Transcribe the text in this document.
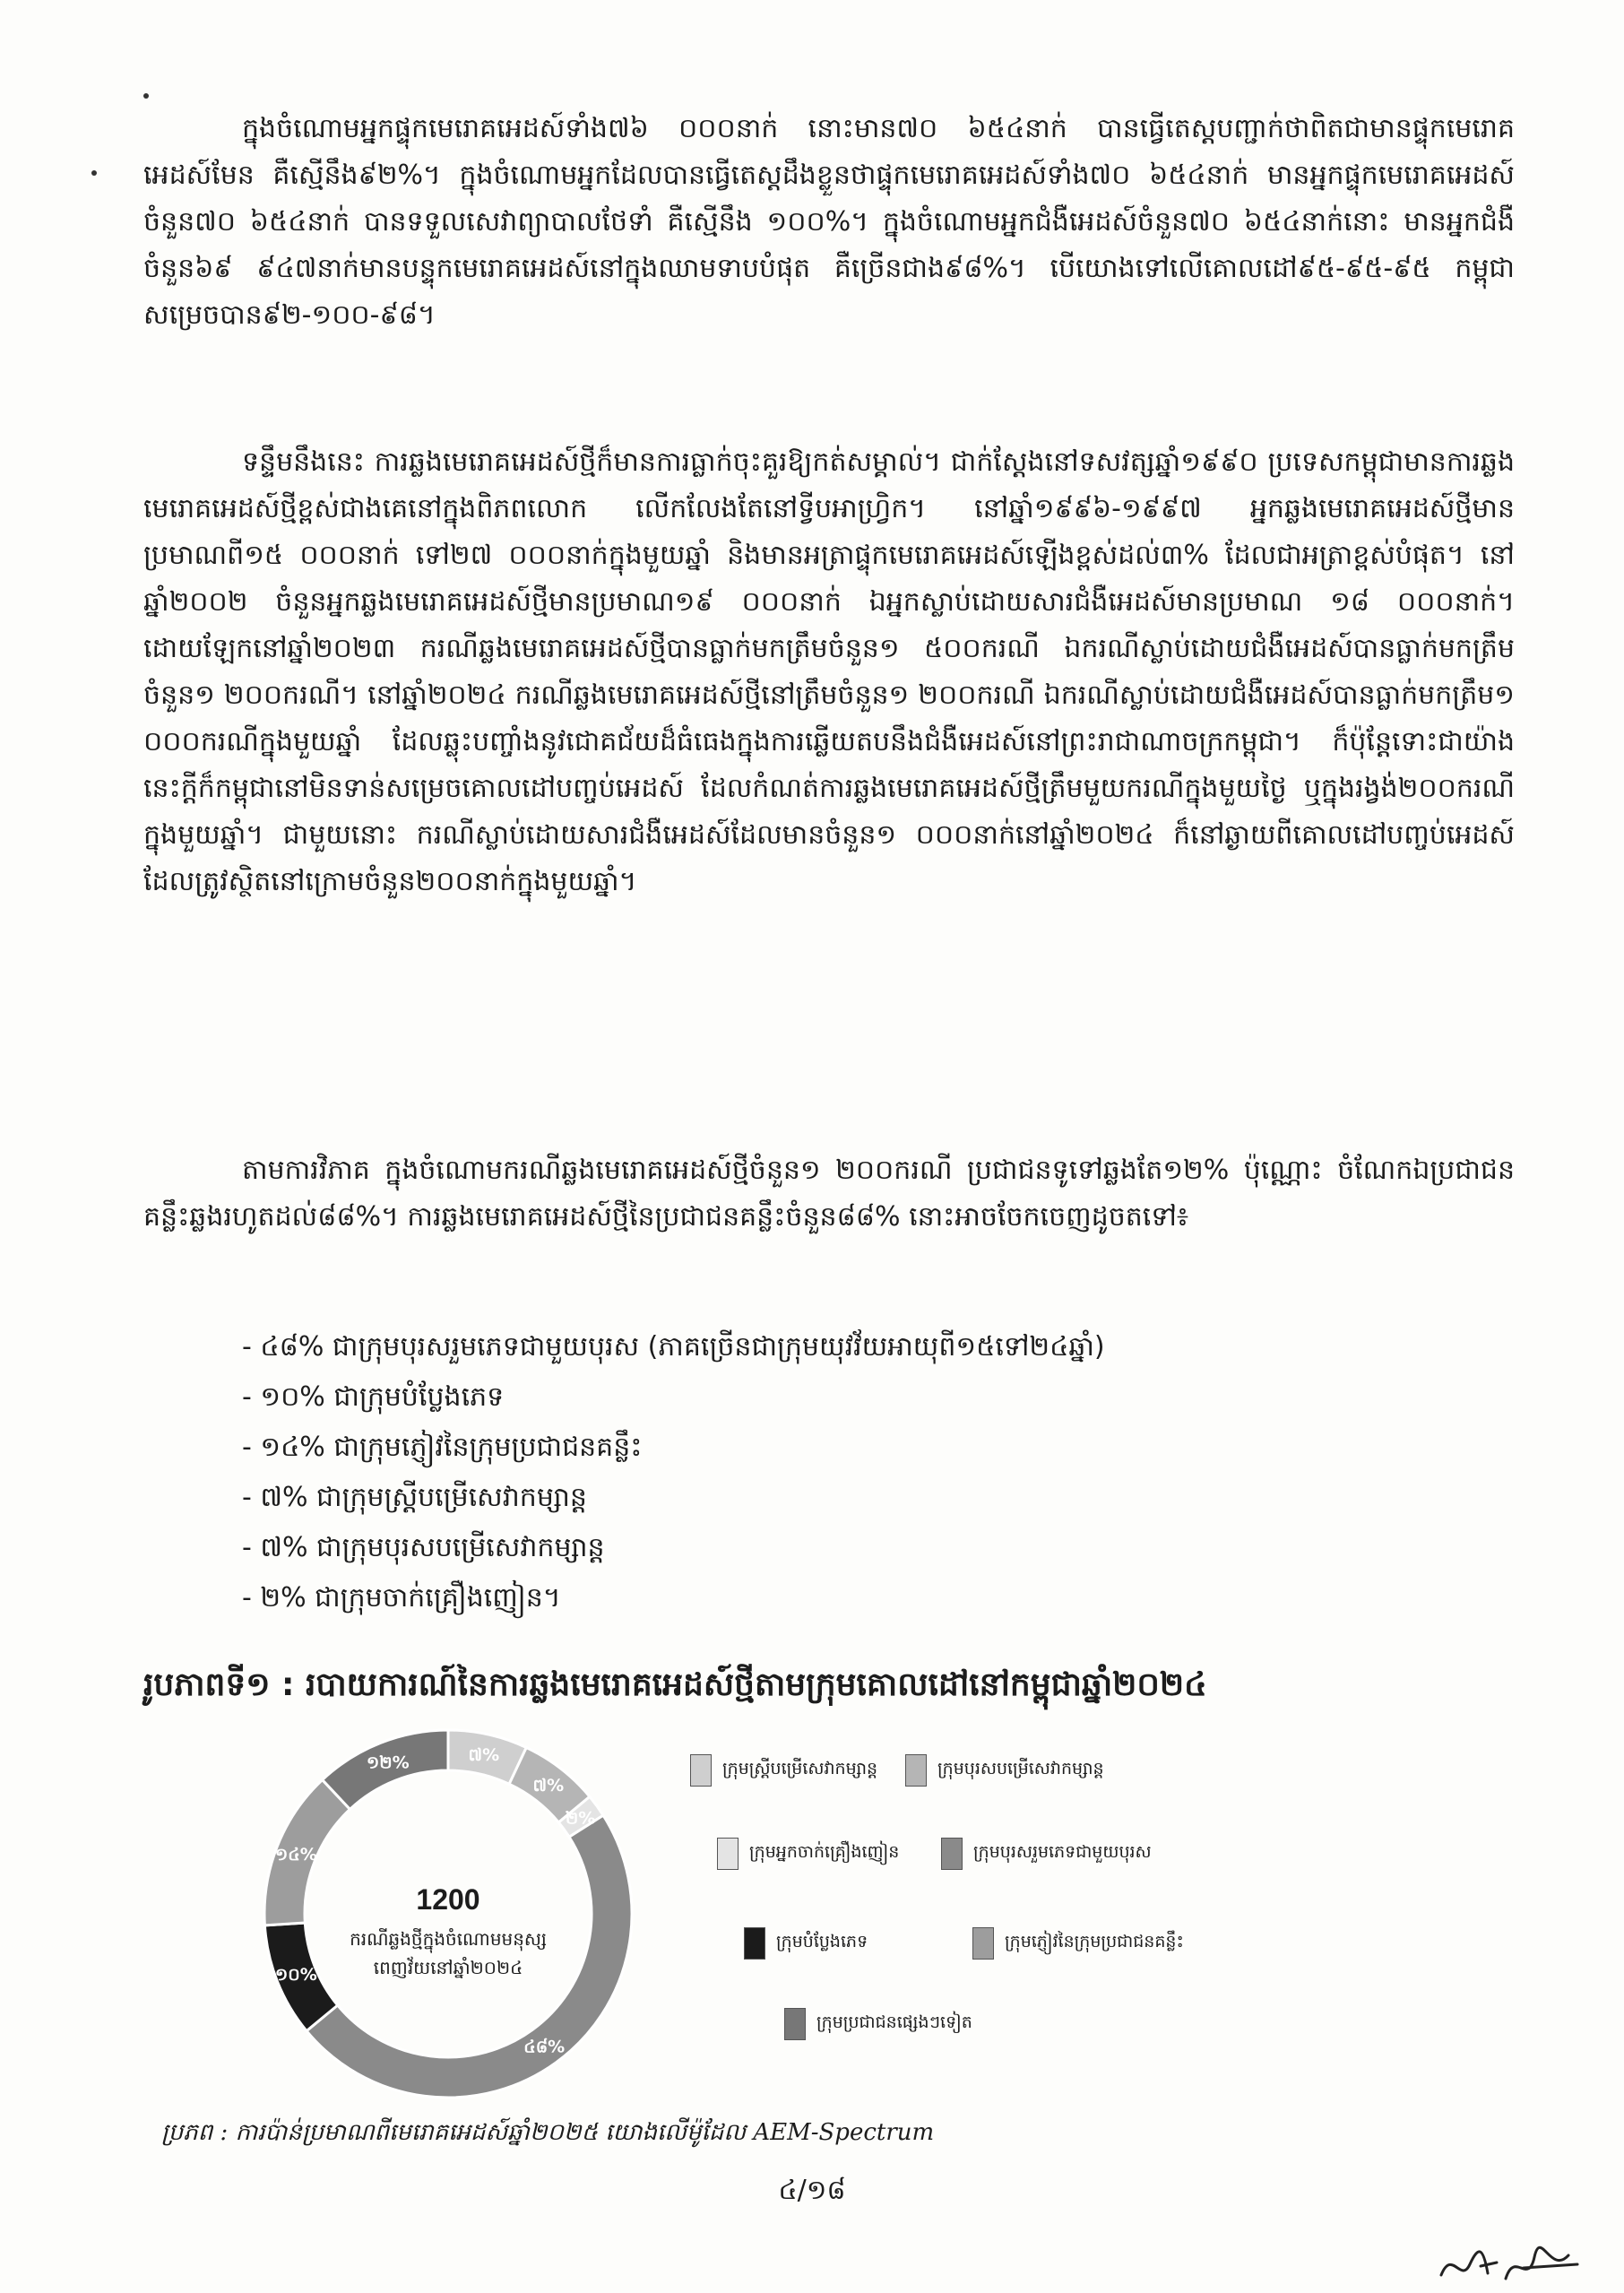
ក្នុងចំណោមអ្នកផ្ទុកមេរោគអេដស៍ទាំង៧៦ ០០០នាក់ នោះមាន៧០ ៦៥៤នាក់ បានធ្វើតេស្តបញ្ជាក់ថាពិតជាមានផ្ទុកមេរោគអេដស៍មែន គឺស្មើនឹង៩២%។ ក្នុងចំណោមអ្នកដែលបានធ្វើតេស្តដឹងខ្លួនថាផ្ទុកមេរោគអេដស៍ទាំង៧០ ៦៥៤នាក់ មានអ្នកផ្ទុកមេរោគអេដស៍ចំនួន៧០ ៦៥៤នាក់ បានទទួលសេវាព្យាបាលថែទាំ គឺស្មើនឹង ១០០%។ ក្នុងចំណោមអ្នកជំងឺអេដស៍ចំនួន៧០ ៦៥៤នាក់នោះ មានអ្នកជំងឺចំនួន៦៩ ៩៤៧នាក់មានបន្ទុកមេរោគអេដស៍នៅក្នុងឈាមទាបបំផុត គឺច្រើនជាង៩៨%។ បើយោងទៅលើគោលដៅ៩៥-៩៥-៩៥ កម្ពុជាសម្រេចបាន៩២-១០០-៩៨។

ទន្ទឹមនឹងនេះ ការឆ្លងមេរោគអេដស៍ថ្មីក៏មានការធ្លាក់ចុះគួរឱ្យកត់សម្គាល់។ ជាក់ស្តែងនៅទសវត្សឆ្នាំ១៩៩០ ប្រទេសកម្ពុជាមានការឆ្លងមេរោគអេដស៍ថ្មីខ្ពស់ជាងគេនៅក្នុងពិភពលោក លើកលែងតែនៅទ្វីបអាហ្វ្រិក។ នៅឆ្នាំ១៩៩៦-១៩៩៧ អ្នកឆ្លងមេរោគអេដស៍ថ្មីមានប្រមាណពី១៥ ០០០នាក់ ទៅ២៧ ០០០នាក់ក្នុងមួយឆ្នាំ និងមានអត្រាផ្ទុកមេរោគអេដស៍ឡើងខ្ពស់ដល់៣% ដែលជាអត្រាខ្ពស់បំផុត។ នៅឆ្នាំ២០០២ ចំនួនអ្នកឆ្លងមេរោគអេដស៍ថ្មីមានប្រមាណ១៩ ០០០នាក់ ឯអ្នកស្លាប់ដោយសារជំងឺអេដស៍មានប្រមាណ ១៨ ០០០នាក់។ ដោយឡែកនៅឆ្នាំ២០២៣ ករណីឆ្លងមេរោគអេដស៍ថ្មីបានធ្លាក់មកត្រឹមចំនួន១ ៥០០ករណី ឯករណីស្លាប់ដោយជំងឺអេដស៍បានធ្លាក់មកត្រឹមចំនួន១ ២០០ករណី។ នៅឆ្នាំ២០២៤ ករណីឆ្លងមេរោគអេដស៍ថ្មីនៅត្រឹមចំនួន១ ២០០ករណី ឯករណីស្លាប់ដោយជំងឺអេដស៍បានធ្លាក់មកត្រឹម១ ០០០ករណីក្នុងមួយឆ្នាំ ដែលឆ្លុះបញ្ចាំងនូវជោគជ័យដ៏ធំធេងក្នុងការឆ្លើយតបនឹងជំងឺអេដស៍នៅព្រះរាជាណាចក្រកម្ពុជា។ ក៏ប៉ុន្តែទោះជាយ៉ាងនេះក្តីក៏កម្ពុជានៅមិនទាន់សម្រេចគោលដៅបញ្ចប់អេដស៍ ដែលកំណត់ការឆ្លងមេរោគអេដស៍ថ្មីត្រឹមមួយករណីក្នុងមួយថ្ងៃ ឬក្នុងរង្វង់២០០ករណីក្នុងមួយឆ្នាំ។ ជាមួយនោះ ករណីស្លាប់ដោយសារជំងឺអេដស៍ដែលមានចំនួន១ ០០០នាក់នៅឆ្នាំ២០២៤ ក៏នៅឆ្ងាយពីគោលដៅបញ្ចប់អេដស៍ដែលត្រូវស្ថិតនៅក្រោមចំនួន២០០នាក់ក្នុងមួយឆ្នាំ។

តាមការវិភាគ ក្នុងចំណោមករណីឆ្លងមេរោគអេដស៍ថ្មីចំនួន១ ២០០ករណី ប្រជាជនទូទៅឆ្លងតែ១២% ប៉ុណ្ណោះ ចំណែកឯប្រជាជនគន្លឹះឆ្លងរហូតដល់៨៨%។ ការឆ្លងមេរោគអេដស៍ថ្មីនៃប្រជាជនគន្លឹះចំនួន៨៨% នោះអាចចែកចេញដូចតទៅ៖

- ៤៨% ជាក្រុមបុរសរួមភេទជាមួយបុរស (ភាគច្រើនជាក្រុមយុវវ័យអាយុពី១៥ទៅ២៤ឆ្នាំ)
- ១០% ជាក្រុមបំប្លែងភេទ
- ១៤% ជាក្រុមភ្ញៀវនៃក្រុមប្រជាជនគន្លឹះ
- ៧% ជាក្រុមស្ត្រីបម្រើសេវាកម្សាន្ត
- ៧% ជាក្រុមបុរសបម្រើសេវាកម្សាន្ត
- ២% ជាក្រុមចាក់គ្រឿងញៀន។
រូបភាពទី១ : របាយការណ៍នៃការឆ្លងមេរោគអេដស៍ថ្មីតាមក្រុមគោលដៅនៅកម្ពុជាឆ្នាំ២០២៤
៧%
៧%
២%
៤៨%
១០%
១៤%
១២%
1200
ករណីឆ្លងថ្មីក្នុងចំណោមមនុស្ស
ពេញវ័យនៅឆ្នាំ២០២៤
ក្រុមស្ត្រីបម្រើសេវាកម្សាន្ត	ក្រុមបុរសបម្រើសេវាកម្សាន្ត
ក្រុមអ្នកចាក់គ្រឿងញៀន	ក្រុមបុរសរួមភេទជាមួយបុរស
ក្រុមបំប្លែងភេទ	ក្រុមភ្ញៀវនៃក្រុមប្រជាជនគន្លឹះ
ក្រុមប្រជាជនផ្សេងៗទៀត
ប្រភព : ការប៉ាន់ប្រមាណពីមេរោគអេដស៍ឆ្នាំ២០២៥ យោងលើម៉ូដែល AEM-Spectrum
៤/១៨
